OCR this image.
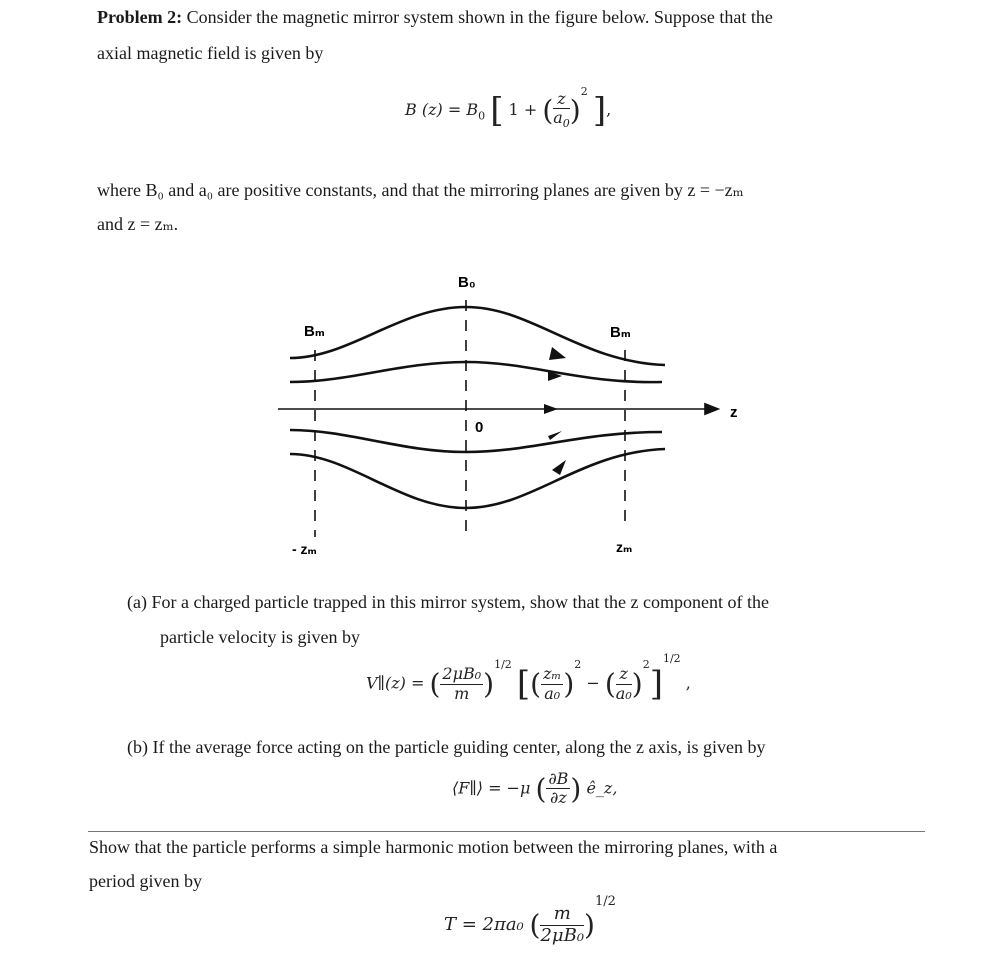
Problem 2: Consider the magnetic mirror system shown in the figure below. Suppose that the
axial magnetic field is given by
B $(z) = B_0$ [ 1 + ( $\frac{z}{a_0} )^2$ ],
where B₀ and a₀ are positive constants, and that the mirroring planes are given by z = −zₘ
and z = zₘ.
B₀
Bₘ	Bₘ
0
z
- zₘ	zₘ
(a) For a charged particle trapped in this mirror system, show that the z component of the
particle velocity is given by
V∥(z) = ( $\frac{\text{2μB₀}}{m} )^{1/2}$ [( $\frac{\text{zₘ}}{\text{a₀}} )^2$ − ( $\frac{z}{\text{a₀}} )^2]^{1/2}$ ,
(b) If the average force acting on the particle guiding center, along the z axis, is given by
⟨F∥⟩ = −μ ( $\frac{\partial B}{\partial z}$ ) ê_z,
Show that the particle performs a simple harmonic motion between the mirroring planes, with a
period given by
T = 2πa₀ ( $\frac{m}{\text{2μB₀}} )^{1/2}$
